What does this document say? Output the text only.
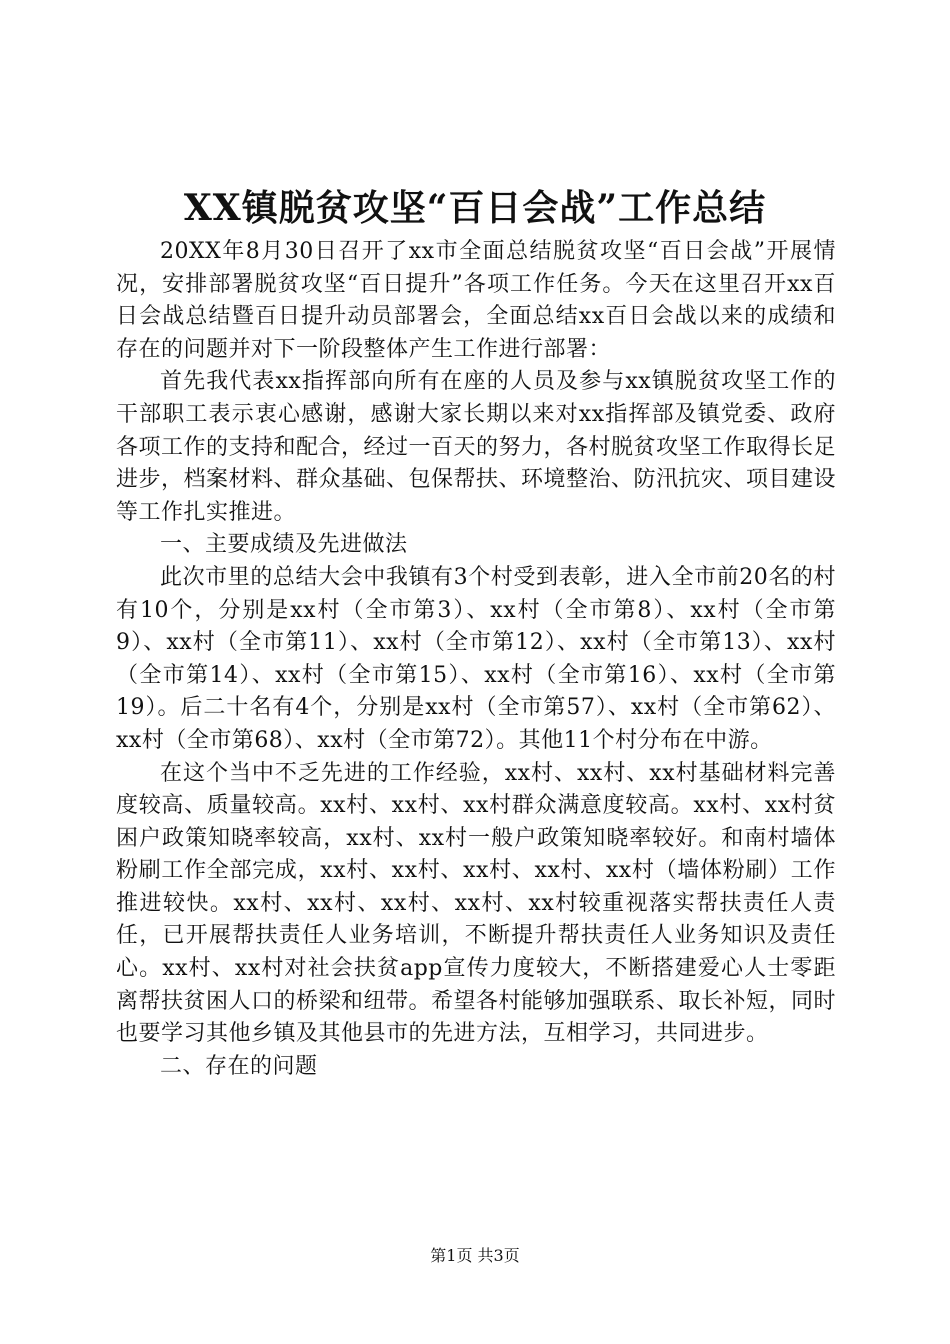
XX镇脱贫攻坚“百日会战”工作总结

20XX年8月30日召开了xx市全面总结脱贫攻坚“百日会战”开展情况，安排部署脱贫攻坚“百日提升”各项工作任务。今天在这里召开xx百日会战总结暨百日提升动员部署会，全面总结xx百日会战以来的成绩和存在的问题并对下一阶段整体产生工作进行部署：

首先我代表xx指挥部向所有在座的人员及参与xx镇脱贫攻坚工作的干部职工表示衷心感谢，感谢大家长期以来对xx指挥部及镇党委、政府各项工作的支持和配合，经过一百天的努力，各村脱贫攻坚工作取得长足进步，档案材料、群众基础、包保帮扶、环境整治、防汛抗灾、项目建设等工作扎实推进。

一、主要成绩及先进做法

此次市里的总结大会中我镇有3个村受到表彰，进入全市前20名的村有10个，分别是xx村（全市第3）、xx村（全市第8）、xx村（全市第9）、xx村（全市第11）、xx村（全市第12）、xx村（全市第13）、xx村（全市第14）、xx村（全市第15）、xx村（全市第16）、xx村（全市第19）。后二十名有4个，分别是xx村（全市第57）、xx村（全市第62）、xx村（全市第68）、xx村（全市第72）。其他11个村分布在中游。

在这个当中不乏先进的工作经验，xx村、xx村、xx村基础材料完善度较高、质量较高。xx村、xx村、xx村群众满意度较高。xx村、xx村贫困户政策知晓率较高，xx村、xx村一般户政策知晓率较好。和南村墙体粉刷工作全部完成，xx村、xx村、xx村、xx村、xx村（墙体粉刷）工作推进较快。xx村、xx村、xx村、xx村、xx村较重视落实帮扶责任人责任，已开展帮扶责任人业务培训，不断提升帮扶责任人业务知识及责任心。xx村、xx村对社会扶贫app宣传力度较大，不断搭建爱心人士零距离帮扶贫困人口的桥梁和纽带。希望各村能够加强联系、取长补短，同时也要学习其他乡镇及其他县市的先进方法，互相学习，共同进步。

二、存在的问题

第1页 共3页
